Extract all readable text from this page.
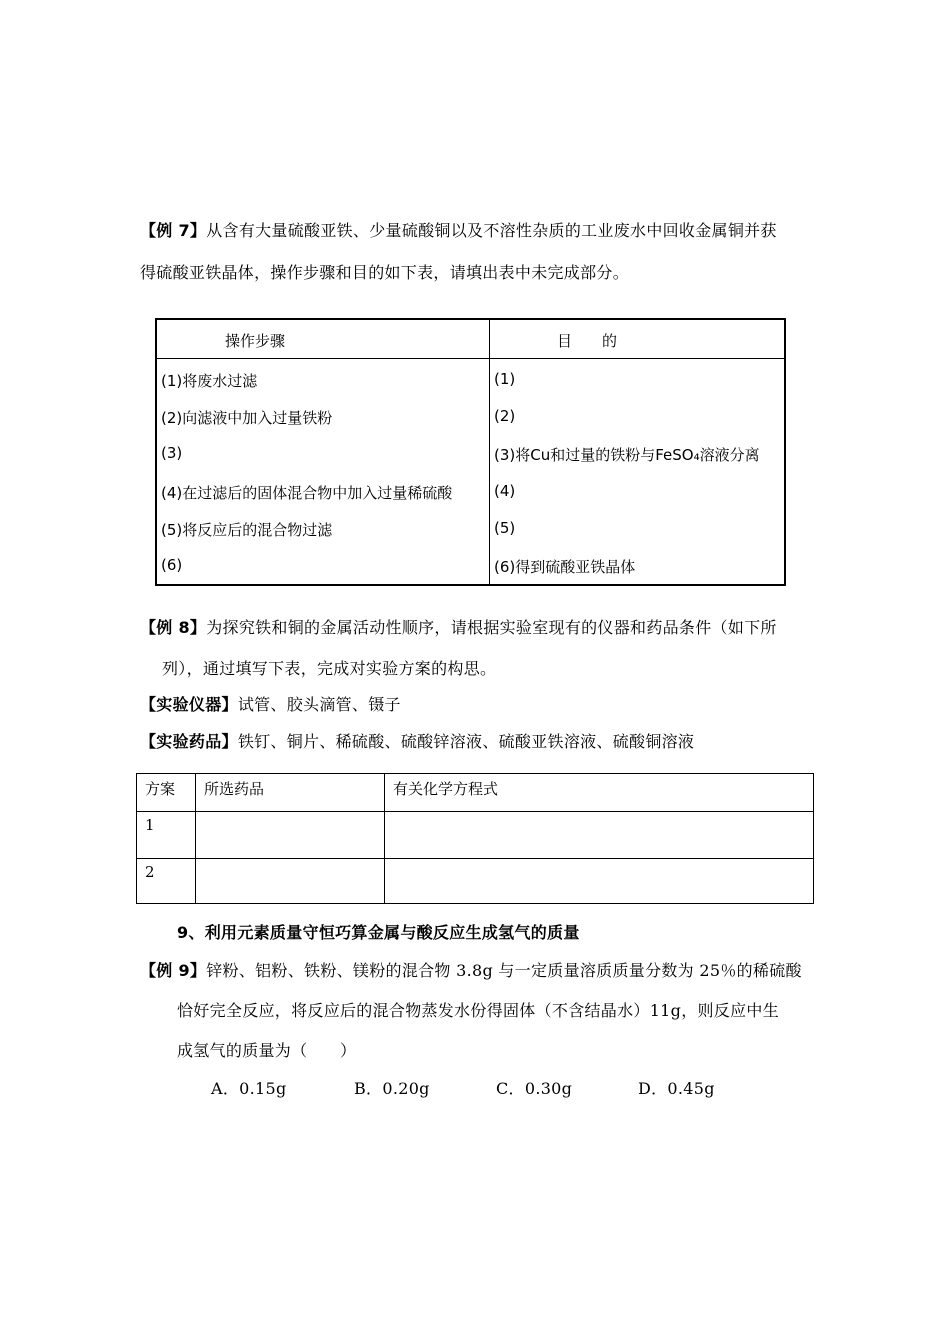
【例 7】从含有大量硫酸亚铁、少量硫酸铜以及不溶性杂质的工业废水中回收金属铜并获
得硫酸亚铁晶体，操作步骤和目的如下表，请填出表中未完成部分。
操作步骤	目　　的
(1)将废水过滤	(1)
(2)向滤液中加入过量铁粉	(2)
(3)	(3)将Cu和过量的铁粉与FeSO₄溶液分离
(4)在过滤后的固体混合物中加入过量稀硫酸	(4)
(5)将反应后的混合物过滤	(5)
(6)	(6)得到硫酸亚铁晶体
【例 8】为探究铁和铜的金属活动性顺序，请根据实验室现有的仪器和药品条件（如下所
列），通过填写下表，完成对实验方案的构思。
【实验仪器】试管、胶头滴管、镊子
【实验药品】铁钉、铜片、稀硫酸、硫酸锌溶液、硫酸亚铁溶液、硫酸铜溶液
方案	所选药品	有关化学方程式
1		
2		
9、利用元素质量守恒巧算金属与酸反应生成氢气的质量
【例 9】锌粉、铝粉、铁粉、镁粉的混合物 3.8g 与一定质量溶质质量分数为 25％的稀硫酸
恰好完全反应，将反应后的混合物蒸发水份得固体（不含结晶水）11g，则反应中生
成氢气的质量为（　　）
A．0.15g	B．0.20g	C．0.30g	D．0.45g
